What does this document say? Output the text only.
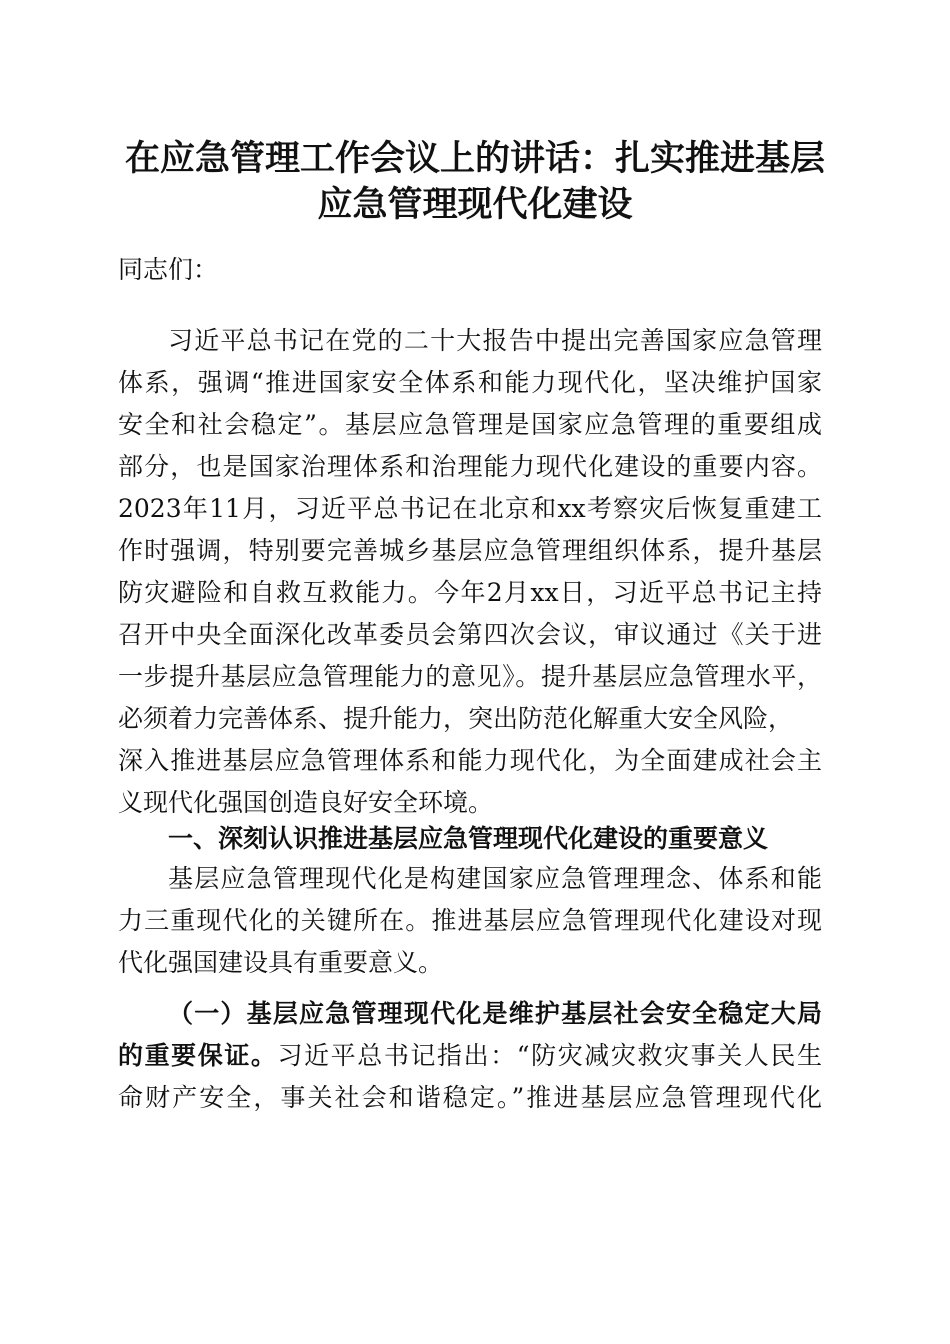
在应急管理工作会议上的讲话：扎实推进基层
应急管理现代化建设
同志们：
习近平总书记在党的二十大报告中提出完善国家应急管理
体系，强调“推进国家安全体系和能力现代化，坚决维护国家
安全和社会稳定”。基层应急管理是国家应急管理的重要组成
部分，也是国家治理体系和治理能力现代化建设的重要内容。
2023年11月，习近平总书记在北京和xx考察灾后恢复重建工
作时强调，特别要完善城乡基层应急管理组织体系，提升基层
防灾避险和自救互救能力。今年2月xx日，习近平总书记主持
召开中央全面深化改革委员会第四次会议，审议通过《关于进
一步提升基层应急管理能力的意见》。提升基层应急管理水平，
必须着力完善体系、提升能力，突出防范化解重大安全风险，
深入推进基层应急管理体系和能力现代化，为全面建成社会主
义现代化强国创造良好安全环境。
一、深刻认识推进基层应急管理现代化建设的重要意义
基层应急管理现代化是构建国家应急管理理念、体系和能
力三重现代化的关键所在。推进基层应急管理现代化建设对现
代化强国建设具有重要意义。
（一）基层应急管理现代化是维护基层社会安全稳定大局
的重要保证。习近平总书记指出：“防灾减灾救灾事关人民生
命财产安全，事关社会和谐稳定。”推进基层应急管理现代化
